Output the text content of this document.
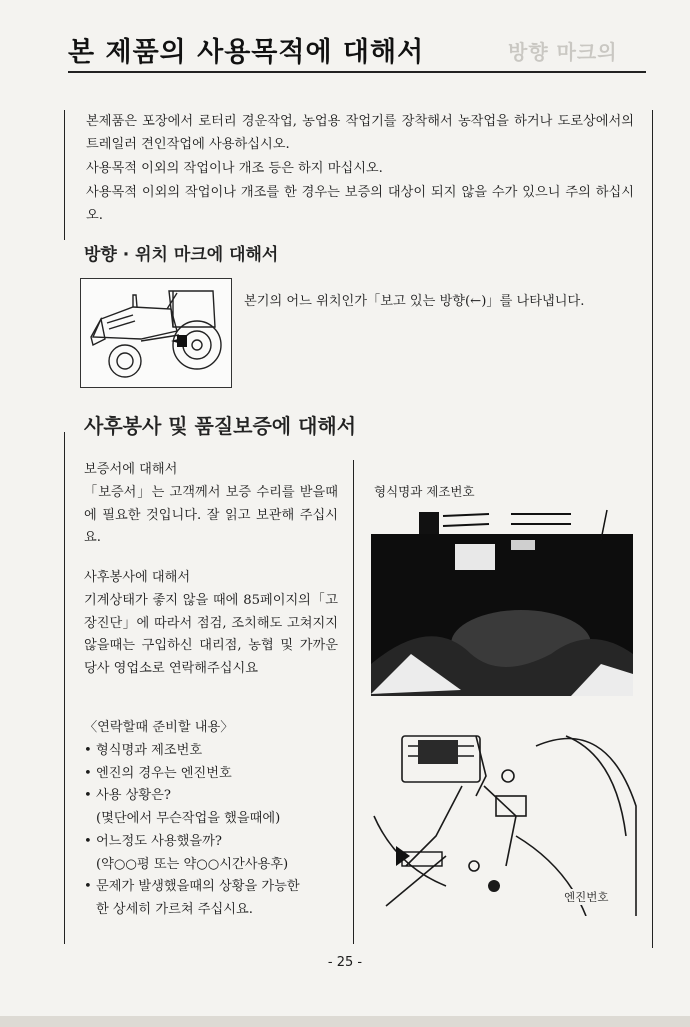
본 제품의 사용목적에 대해서	방향 마크의
본제품은 포장에서 로터리 경운작업, 농업용 작업기를 장착해서 농작업을 하거나 도로상에서의 트레일러 견인작업에 사용하십시오.
사용목적 이외의 작업이나 개조 등은 하지 마십시오.
사용목적 이외의 작업이나 개조를 한 경우는 보증의 대상이 되지 않을 수가 있으니 주의 하십시오.
방향 · 위치 마크에 대해서
본기의 어느 위치인가「보고 있는 방향(←)」를 나타냅니다.
사후봉사 및 품질보증에 대해서
보증서에 대해서
「보증서」는 고객께서 보증 수리를 받을때에 필요한 것입니다. 잘 읽고 보관해 주십시요.
사후봉사에 대해서
기계상태가 좋지 않을 때에 85페이지의「고장진단」에 따라서 점검, 조치해도 고쳐지지 않을때는 구입하신 대리점, 농협 및 가까운 당사 영업소로 연락해주십시요
〈연락할때 준비할 내용〉
• 형식명과 제조번호
• 엔진의 경우는 엔진번호
• 사용 상황은?
(몇단에서 무슨작업을 했을때에)
• 어느정도 사용했을까?
(약○○평 또는 약○○시간사용후)
• 문제가 발생했을때의 상황을 가능한
한 상세히 가르쳐 주십시요.
형식명과 제조번호
엔진번호
- 25 -
